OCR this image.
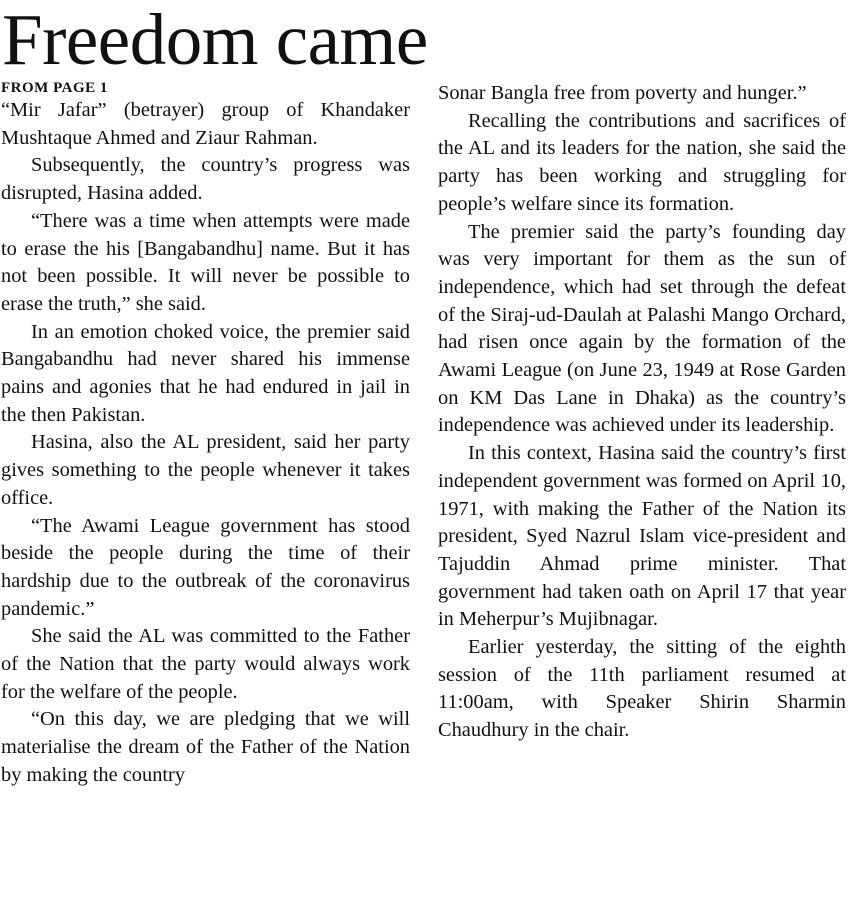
Freedom came
FROM PAGE 1

“Mir Jafar” (betrayer) group of Khandaker Mushtaque Ahmed and Ziaur Rahman.

Subsequently, the country’s progress was disrupted, Hasina added.

“There was a time when attempts were made to erase the his [Bangabandhu] name. But it has not been possible. It will never be possible to erase the truth,” she said.

In an emotion choked voice, the premier said Bangabandhu had never shared his immense pains and agonies that he had endured in jail in the then Pakistan.

Hasina, also the AL president, said her party gives something to the people whenever it takes office.

“The Awami League government has stood beside the people during the time of their hardship due to the outbreak of the coronavirus pandemic.”

She said the AL was committed to the Father of the Nation that the party would always work for the welfare of the people.

“On this day, we are pledging that we will materialise the dream of the Father of the Nation by making the country

Sonar Bangla free from poverty and hunger.”

Recalling the contributions and sacrifices of the AL and its leaders for the nation, she said the party has been working and struggling for people’s welfare since its formation.

The premier said the party’s founding day was very important for them as the sun of independence, which had set through the defeat of the Siraj-ud-Daulah at Palashi Mango Orchard, had risen once again by the formation of the Awami League (on June 23, 1949 at Rose Garden on KM Das Lane in Dhaka) as the country’s independence was achieved under its leadership.

In this context, Hasina said the country’s first independent government was formed on April 10, 1971, with making the Father of the Nation its president, Syed Nazrul Islam vice-president and Tajuddin Ahmad prime minister. That government had taken oath on April 17 that year in Meherpur’s Mujibnagar.

Earlier yesterday, the sitting of the eighth session of the 11th parliament resumed at 11:00am, with Speaker Shirin Sharmin Chaudhury in the chair.
